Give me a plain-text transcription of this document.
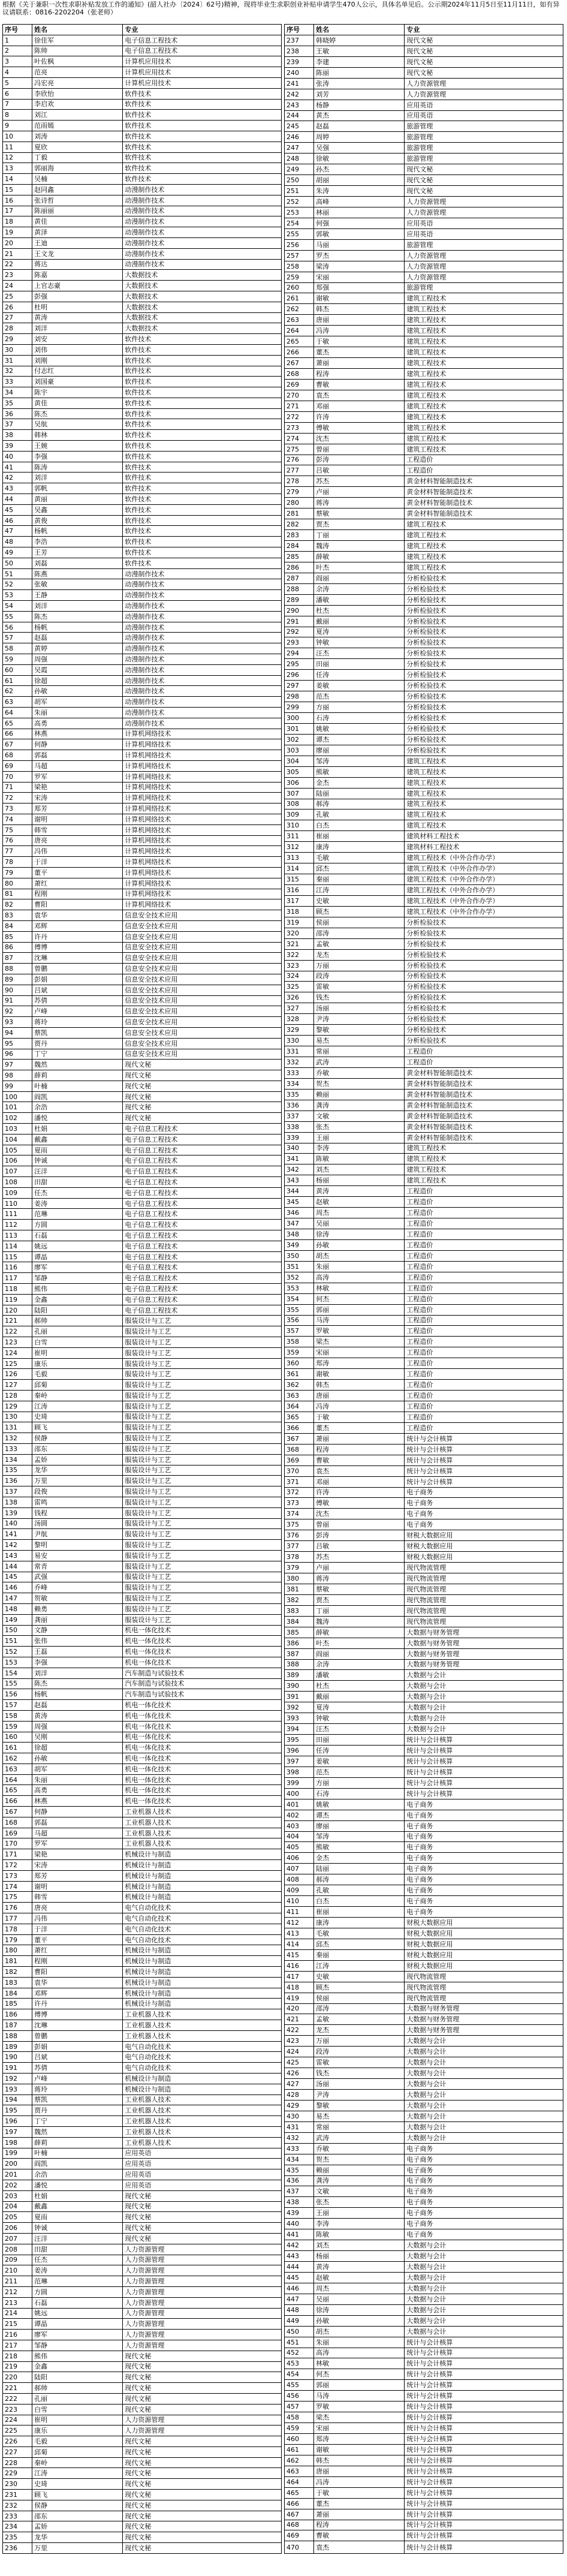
根据《关于兼职一次性求职补贴发放工作的通知》(韶人社办〔2024〕62号)精神，现将毕业生求职创业补贴申请学生470人公示，具体名单见后。公示期2024年11月5日至11月11日，如有异议请联系：0816-2202204（张老师）

序号	姓名	专业
1	徐佳军	电子信息工程技术
2	陈帅	电子信息工程技术
3	叶佐枫	计算机应用技术
4	范亮	计算机应用技术
5	冯宏亮	计算机应用技术
6	李欣怡	软件技术
7	李启欢	软件技术
8	刘江	软件技术
9	范雨嫣	软件技术
10	刘涛	软件技术
11	夏欣	软件技术
12	丁毅	软件技术
13	郭丽海	软件技术
14	吴楠	软件技术
15	赵同鑫	动漫制作技术
16	张诗哲	动漫制作技术
17	陈丽丽	动漫制作技术
18	黄佳	动漫制作技术
19	黄泽	动漫制作技术
20	王迪	动漫制作技术
21	王文龙	动漫制作技术
22	蒋达	动漫制作技术
23	陈嘉	大数据技术
24	上官志豪	大数据技术
25	彭强	大数据技术
26	杜明	大数据技术
27	黄涛	大数据技术
28	刘洋	大数据技术
29	刘安	软件技术
30	刘伟	软件技术
31	刘刚	软件技术
32	付志红	软件技术
33	刘国豪	软件技术
34	陈宇	软件技术
35	黄佳	软件技术
36	陈杰	软件技术
37	吴航	软件技术
38	韩林	软件技术
39	王婉	软件技术
40	李强	软件技术
41	陈涛	软件技术
42	刘洋	软件技术
43	郭帆	软件技术
44	黄丽	软件技术
45	吴鑫	软件技术
46	黄俊	软件技术
47	杨帆	软件技术
48	李浩	软件技术
49	王芳	软件技术
50	刘磊	软件技术
51	陈燕	动漫制作技术
52	张敏	动漫制作技术
53	王静	动漫制作技术
54	刘洋	动漫制作技术
55	陈杰	动漫制作技术
56	杨帆	动漫制作技术
57	赵磊	动漫制作技术
58	黄婷	动漫制作技术
59	周强	动漫制作技术
60	吴霞	动漫制作技术
61	徐超	动漫制作技术
62	孙敏	动漫制作技术
63	胡军	动漫制作技术
64	朱丽	动漫制作技术
65	高勇	动漫制作技术
66	林燕	计算机网络技术
67	何静	计算机网络技术
68	郭磊	计算机网络技术
69	马超	计算机网络技术
70	罗军	计算机网络技术
71	梁艳	计算机网络技术
72	宋涛	计算机网络技术
73	郑芳	计算机网络技术
74	谢明	计算机网络技术
75	韩雪	计算机网络技术
76	唐亮	计算机网络技术
77	冯伟	计算机网络技术
78	于洋	计算机网络技术
79	董平	计算机网络技术
80	萧红	计算机网络技术
81	程刚	计算机网络技术
82	曹阳	计算机网络技术
83	袁华	信息安全技术应用
84	邓辉	信息安全技术应用
85	许丹	信息安全技术应用
86	傅博	信息安全技术应用
87	沈琳	信息安全技术应用
88	曾鹏	信息安全技术应用
89	彭娟	信息安全技术应用
90	吕斌	信息安全技术应用
91	苏倩	信息安全技术应用
92	卢峰	信息安全技术应用
93	蒋玲	信息安全技术应用
94	蔡凯	信息安全技术应用
95	贾丹	信息安全技术应用
96	丁宁	信息安全技术应用
97	魏然	现代文秘
98	薛莉	现代文秘
99	叶楠	现代文秘
100	阎凯	现代文秘
101	余浩	现代文秘
102	潘悦	现代文秘
103	杜娟	电子信息工程技术
104	戴鑫	电子信息工程技术
105	夏雨	电子信息工程技术
106	钟诚	电子信息工程技术
107	汪洋	电子信息工程技术
108	田甜	电子信息工程技术
109	任杰	电子信息工程技术
110	姜涛	电子信息工程技术
111	范琳	电子信息工程技术
112	方圆	电子信息工程技术
113	石磊	电子信息工程技术
114	姚远	电子信息工程技术
115	谭晶	电子信息工程技术
116	廖军	电子信息工程技术
117	邹静	电子信息工程技术
118	熊伟	电子信息工程技术
119	金鑫	电子信息工程技术
120	陆阳	电子信息工程技术
121	郝帅	服装设计与工艺
122	孔丽	服装设计与工艺
123	白雪	服装设计与工艺
124	崔明	服装设计与工艺
125	康乐	服装设计与工艺
126	毛毅	服装设计与工艺
127	邱菊	服装设计与工艺
128	秦岭	服装设计与工艺
129	江涛	服装设计与工艺
130	史琦	服装设计与工艺
131	顾飞	服装设计与工艺
132	侯静	服装设计与工艺
133	邵东	服装设计与工艺
134	孟娇	服装设计与工艺
135	龙华	服装设计与工艺
136	万里	服装设计与工艺
137	段俊	服装设计与工艺
138	雷鸣	服装设计与工艺
139	钱程	服装设计与工艺
140	汤圆	服装设计与工艺
141	尹航	服装设计与工艺
142	黎明	服装设计与工艺
143	易安	服装设计与工艺
144	常青	服装设计与工艺
145	武强	服装设计与工艺
146	乔峰	服装设计与工艺
147	贺敏	服装设计与工艺
148	赖勇	服装设计与工艺
149	龚丽	服装设计与工艺
150	文静	机电一体化技术
151	张伟	机电一体化技术
152	王磊	机电一体化技术
153	李强	机电一体化技术
154	刘洋	汽车制造与试验技术
155	陈杰	汽车制造与试验技术
156	杨帆	汽车制造与试验技术
157	赵磊	机电一体化技术
158	黄涛	机电一体化技术
159	周强	机电一体化技术
160	吴刚	机电一体化技术
161	徐超	机电一体化技术
162	孙敏	机电一体化技术
163	胡军	机电一体化技术
164	朱丽	机电一体化技术
165	高勇	机电一体化技术
166	林燕	机电一体化技术
167	何静	工业机器人技术
168	郭磊	工业机器人技术
169	马超	工业机器人技术
170	罗军	工业机器人技术
171	梁艳	机械设计与制造
172	宋涛	机械设计与制造
173	郑芳	机械设计与制造
174	谢明	机械设计与制造
175	韩雪	机械设计与制造
176	唐亮	电气自动化技术
177	冯伟	电气自动化技术
178	于洋	电气自动化技术
179	董平	电气自动化技术
180	萧红	机械设计与制造
181	程刚	机械设计与制造
182	曹阳	机械设计与制造
183	袁华	机械设计与制造
184	邓辉	机械设计与制造
185	许丹	机械设计与制造
186	傅博	工业机器人技术
187	沈琳	工业机器人技术
188	曾鹏	工业机器人技术
189	彭娟	电气自动化技术
190	吕斌	电气自动化技术
191	苏倩	电气自动化技术
192	卢峰	机械设计与制造
193	蒋玲	机械设计与制造
194	蔡凯	工业机器人技术
195	贾丹	工业机器人技术
196	丁宁	工业机器人技术
197	魏然	工业机器人技术
198	薛莉	工业机器人技术
199	叶楠	应用英语
200	阎凯	应用英语
201	余浩	应用英语
202	潘悦	应用英语
203	杜娟	现代文秘
204	戴鑫	现代文秘
205	夏雨	现代文秘
206	钟诚	现代文秘
207	汪洋	现代文秘
208	田甜	人力资源管理
209	任杰	人力资源管理
210	姜涛	人力资源管理
211	范琳	人力资源管理
212	方圆	人力资源管理
213	石磊	人力资源管理
214	姚远	人力资源管理
215	谭晶	人力资源管理
216	廖军	人力资源管理
217	邹静	人力资源管理
218	熊伟	现代文秘
219	金鑫	现代文秘
220	陆阳	现代文秘
221	郝帅	现代文秘
222	孔丽	现代文秘
223	白雪	现代文秘
224	崔明	人力资源管理
225	康乐	人力资源管理
226	毛毅	现代文秘
227	邱菊	现代文秘
228	秦岭	现代文秘
229	江涛	现代文秘
230	史琦	现代文秘
231	顾飞	现代文秘
232	侯静	现代文秘
233	邵东	现代文秘
234	孟娇	现代文秘
235	龙华	现代文秘
236	万里	现代文秘
序号	姓名	专业
237	韩晓婷	现代文秘
238	王敏	现代文秘
239	李建	现代文秘
240	陈丽	现代文秘
241	张涛	人力资源管理
242	刘芳	人力资源管理
243	杨静	应用英语
244	黄杰	应用英语
245	赵磊	旅游管理
246	周婷	旅游管理
247	吴强	旅游管理
248	徐敏	旅游管理
249	孙杰	现代文秘
250	胡丽	现代文秘
251	朱涛	现代文秘
252	高峰	人力资源管理
253	林丽	人力资源管理
254	何强	应用英语
255	郭敏	应用英语
256	马丽	旅游管理
257	罗杰	人力资源管理
258	梁涛	人力资源管理
259	宋丽	人力资源管理
260	郑强	旅游管理
261	谢敏	建筑工程技术
262	韩杰	建筑工程技术
263	唐丽	建筑工程技术
264	冯涛	建筑工程技术
265	于敏	建筑工程技术
266	董杰	建筑工程技术
267	萧丽	建筑工程技术
268	程涛	建筑工程技术
269	曹敏	建筑工程技术
270	袁杰	建筑工程技术
271	邓丽	建筑工程技术
272	许涛	建筑工程技术
273	傅敏	建筑工程技术
274	沈杰	建筑工程技术
275	曾丽	建筑工程技术
276	彭涛	工程造价
277	吕敏	工程造价
278	苏杰	黄金材料智能制造技术
279	卢丽	黄金材料智能制造技术
280	蒋涛	黄金材料智能制造技术
281	蔡敏	黄金材料智能制造技术
282	贾杰	建筑工程技术
283	丁丽	建筑工程技术
284	魏涛	建筑工程技术
285	薛敏	建筑工程技术
286	叶杰	建筑工程技术
287	阎丽	分析检验技术
288	余涛	分析检验技术
289	潘敏	分析检验技术
290	杜杰	分析检验技术
291	戴丽	分析检验技术
292	夏涛	分析检验技术
293	钟敏	分析检验技术
294	汪杰	分析检验技术
295	田丽	分析检验技术
296	任涛	分析检验技术
297	姜敏	分析检验技术
298	范杰	分析检验技术
299	方丽	分析检验技术
300	石涛	分析检验技术
301	姚敏	分析检验技术
302	谭杰	分析检验技术
303	廖丽	分析检验技术
304	邹涛	建筑工程技术
305	熊敏	建筑工程技术
306	金杰	建筑工程技术
307	陆丽	建筑工程技术
308	郝涛	建筑工程技术
309	孔敏	建筑工程技术
310	白杰	建筑工程技术
311	崔丽	建筑材料工程技术
312	康涛	建筑材料工程技术
313	毛敏	建筑工程技术（中外合作办学）
314	邱杰	建筑工程技术（中外合作办学）
315	秦丽	建筑工程技术（中外合作办学）
316	江涛	建筑工程技术（中外合作办学）
317	史敏	建筑工程技术（中外合作办学）
318	顾杰	建筑工程技术（中外合作办学）
319	侯丽	分析检验技术
320	邵涛	分析检验技术
321	孟敏	分析检验技术
322	龙杰	分析检验技术
323	万丽	分析检验技术
324	段涛	分析检验技术
325	雷敏	分析检验技术
326	钱杰	分析检验技术
327	汤丽	分析检验技术
328	尹涛	分析检验技术
329	黎敏	分析检验技术
330	易杰	分析检验技术
331	常丽	工程造价
332	武涛	工程造价
333	乔敏	黄金材料智能制造技术
334	贺杰	黄金材料智能制造技术
335	赖丽	黄金材料智能制造技术
336	龚涛	黄金材料智能制造技术
337	文敏	黄金材料智能制造技术
338	张杰	黄金材料智能制造技术
339	王丽	黄金材料智能制造技术
340	李涛	建筑工程技术
341	陈敏	建筑工程技术
342	刘杰	建筑工程技术
343	杨丽	建筑工程技术
344	黄涛	工程造价
345	赵敏	工程造价
346	周杰	工程造价
347	吴丽	工程造价
348	徐涛	工程造价
349	孙敏	工程造价
350	胡杰	工程造价
351	朱丽	工程造价
352	高涛	工程造价
353	林敏	工程造价
354	何杰	工程造价
355	郭丽	工程造价
356	马涛	工程造价
357	罗敏	工程造价
358	梁杰	工程造价
359	宋丽	工程造价
360	郑涛	工程造价
361	谢敏	工程造价
362	韩杰	工程造价
363	唐丽	工程造价
364	冯涛	工程造价
365	于敏	工程造价
366	董杰	工程造价
367	萧丽	统计与会计核算
368	程涛	统计与会计核算
369	曹敏	统计与会计核算
370	袁杰	统计与会计核算
371	邓丽	统计与会计核算
372	许涛	电子商务
373	傅敏	电子商务
374	沈杰	电子商务
375	曾丽	电子商务
376	彭涛	财税大数据应用
377	吕敏	财税大数据应用
378	苏杰	财税大数据应用
379	卢丽	现代物流管理
380	蒋涛	现代物流管理
381	蔡敏	现代物流管理
382	贾杰	现代物流管理
383	丁丽	现代物流管理
384	魏涛	现代物流管理
385	薛敏	大数据与财务管理
386	叶杰	大数据与财务管理
387	阎丽	大数据与财务管理
388	余涛	大数据与财务管理
389	潘敏	大数据与会计
390	杜杰	大数据与会计
391	戴丽	大数据与会计
392	夏涛	大数据与会计
393	钟敏	大数据与会计
394	汪杰	大数据与会计
395	田丽	统计与会计核算
396	任涛	统计与会计核算
397	姜敏	统计与会计核算
398	范杰	统计与会计核算
399	方丽	统计与会计核算
400	石涛	统计与会计核算
401	姚敏	电子商务
402	谭杰	电子商务
403	廖丽	电子商务
404	邹涛	电子商务
405	熊敏	电子商务
406	金杰	电子商务
407	陆丽	电子商务
408	郝涛	电子商务
409	孔敏	电子商务
410	白杰	电子商务
411	崔丽	电子商务
412	康涛	财税大数据应用
413	毛敏	财税大数据应用
414	邱杰	财税大数据应用
415	秦丽	财税大数据应用
416	江涛	财税大数据应用
417	史敏	现代物流管理
418	顾杰	现代物流管理
419	侯丽	现代物流管理
420	邵涛	大数据与财务管理
421	孟敏	大数据与财务管理
422	龙杰	大数据与财务管理
423	万丽	大数据与会计
424	段涛	大数据与会计
425	雷敏	大数据与会计
426	钱杰	大数据与会计
427	汤丽	大数据与会计
428	尹涛	大数据与会计
429	黎敏	大数据与会计
430	易杰	大数据与会计
431	常丽	大数据与会计
432	武涛	大数据与会计
433	乔敏	电子商务
434	贺杰	电子商务
435	赖丽	电子商务
436	龚涛	电子商务
437	文敏	电子商务
438	张杰	电子商务
439	王丽	电子商务
440	李涛	电子商务
441	陈敏	电子商务
442	刘杰	大数据与会计
443	杨丽	大数据与会计
444	黄涛	大数据与会计
445	赵敏	大数据与会计
446	周杰	大数据与会计
447	吴丽	大数据与会计
448	徐涛	大数据与会计
449	孙敏	大数据与会计
450	胡杰	大数据与会计
451	朱丽	统计与会计核算
452	高涛	统计与会计核算
453	林敏	统计与会计核算
454	何杰	统计与会计核算
455	郭丽	统计与会计核算
456	马涛	统计与会计核算
457	罗敏	统计与会计核算
458	梁杰	统计与会计核算
459	宋丽	统计与会计核算
460	郑涛	统计与会计核算
461	谢敏	统计与会计核算
462	韩杰	统计与会计核算
463	唐丽	统计与会计核算
464	冯涛	统计与会计核算
465	于敏	统计与会计核算
466	董杰	统计与会计核算
467	萧丽	统计与会计核算
468	程涛	统计与会计核算
469	曹敏	统计与会计核算
470	袁杰	统计与会计核算
